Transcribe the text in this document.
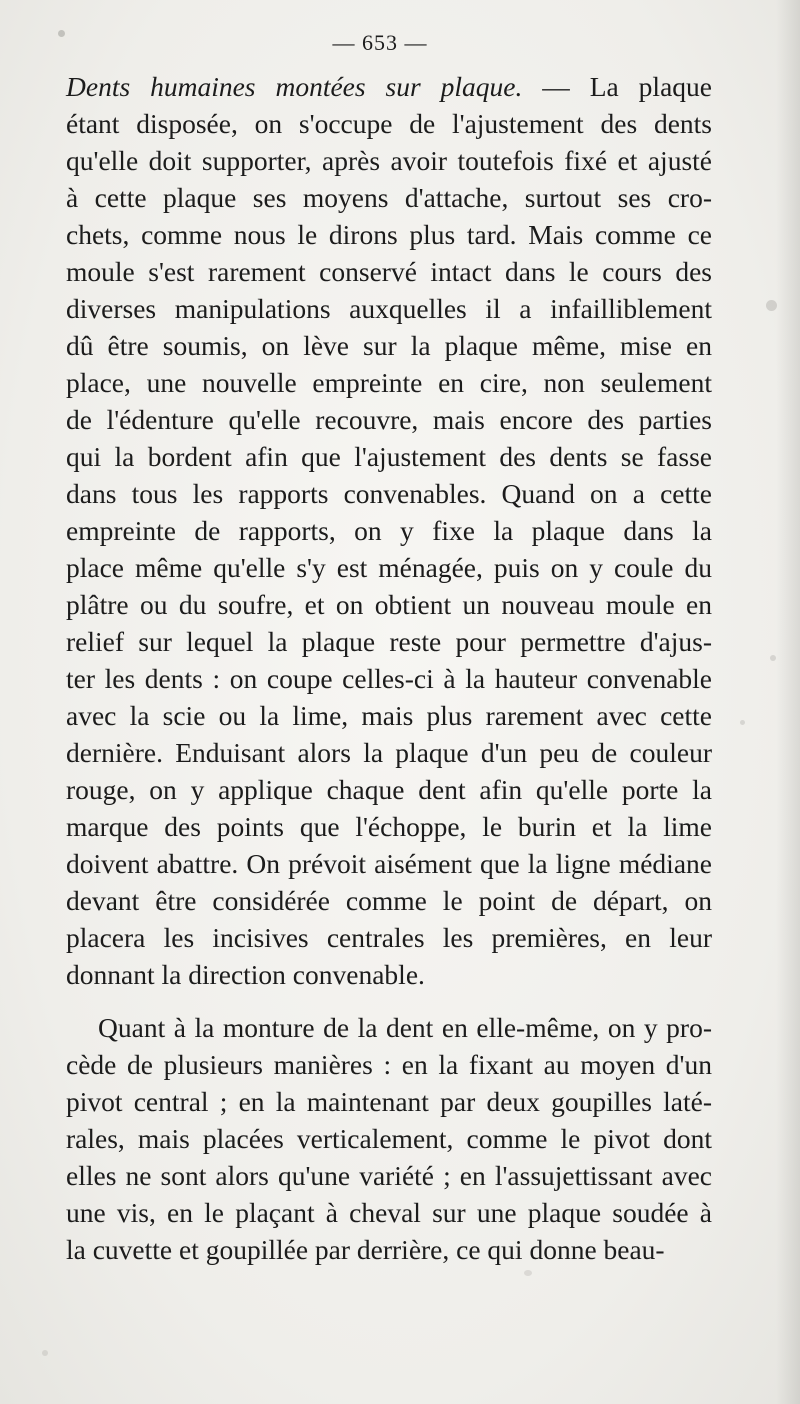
— 653 —
Dents humaines montées sur plaque. — La plaque
étant disposée, on s'occupe de l'ajustement des dents
qu'elle doit supporter, après avoir toutefois fixé et ajusté
à cette plaque ses moyens d'attache, surtout ses cro-
chets, comme nous le dirons plus tard. Mais comme ce
moule s'est rarement conservé intact dans le cours des
diverses manipulations auxquelles il a infailliblement
dû être soumis, on lève sur la plaque même, mise en
place, une nouvelle empreinte en cire, non seulement
de l'édenture qu'elle recouvre, mais encore des parties
qui la bordent afin que l'ajustement des dents se fasse
dans tous les rapports convenables. Quand on a cette
empreinte de rapports, on y fixe la plaque dans la
place même qu'elle s'y est ménagée, puis on y coule du
plâtre ou du soufre, et on obtient un nouveau moule en
relief sur lequel la plaque reste pour permettre d'ajus-
ter les dents : on coupe celles-ci à la hauteur convenable
avec la scie ou la lime, mais plus rarement avec cette
dernière. Enduisant alors la plaque d'un peu de couleur
rouge, on y applique chaque dent afin qu'elle porte la
marque des points que l'échoppe, le burin et la lime
doivent abattre. On prévoit aisément que la ligne médiane
devant être considérée comme le point de départ, on
placera les incisives centrales les premières, en leur
donnant la direction convenable.
Quant à la monture de la dent en elle-même, on y pro-
cède de plusieurs manières : en la fixant au moyen d'un
pivot central ; en la maintenant par deux goupilles laté-
rales, mais placées verticalement, comme le pivot dont
elles ne sont alors qu'une variété ; en l'assujettissant avec
une vis, en le plaçant à cheval sur une plaque soudée à
la cuvette et goupillée par derrière, ce qui donne beau-
